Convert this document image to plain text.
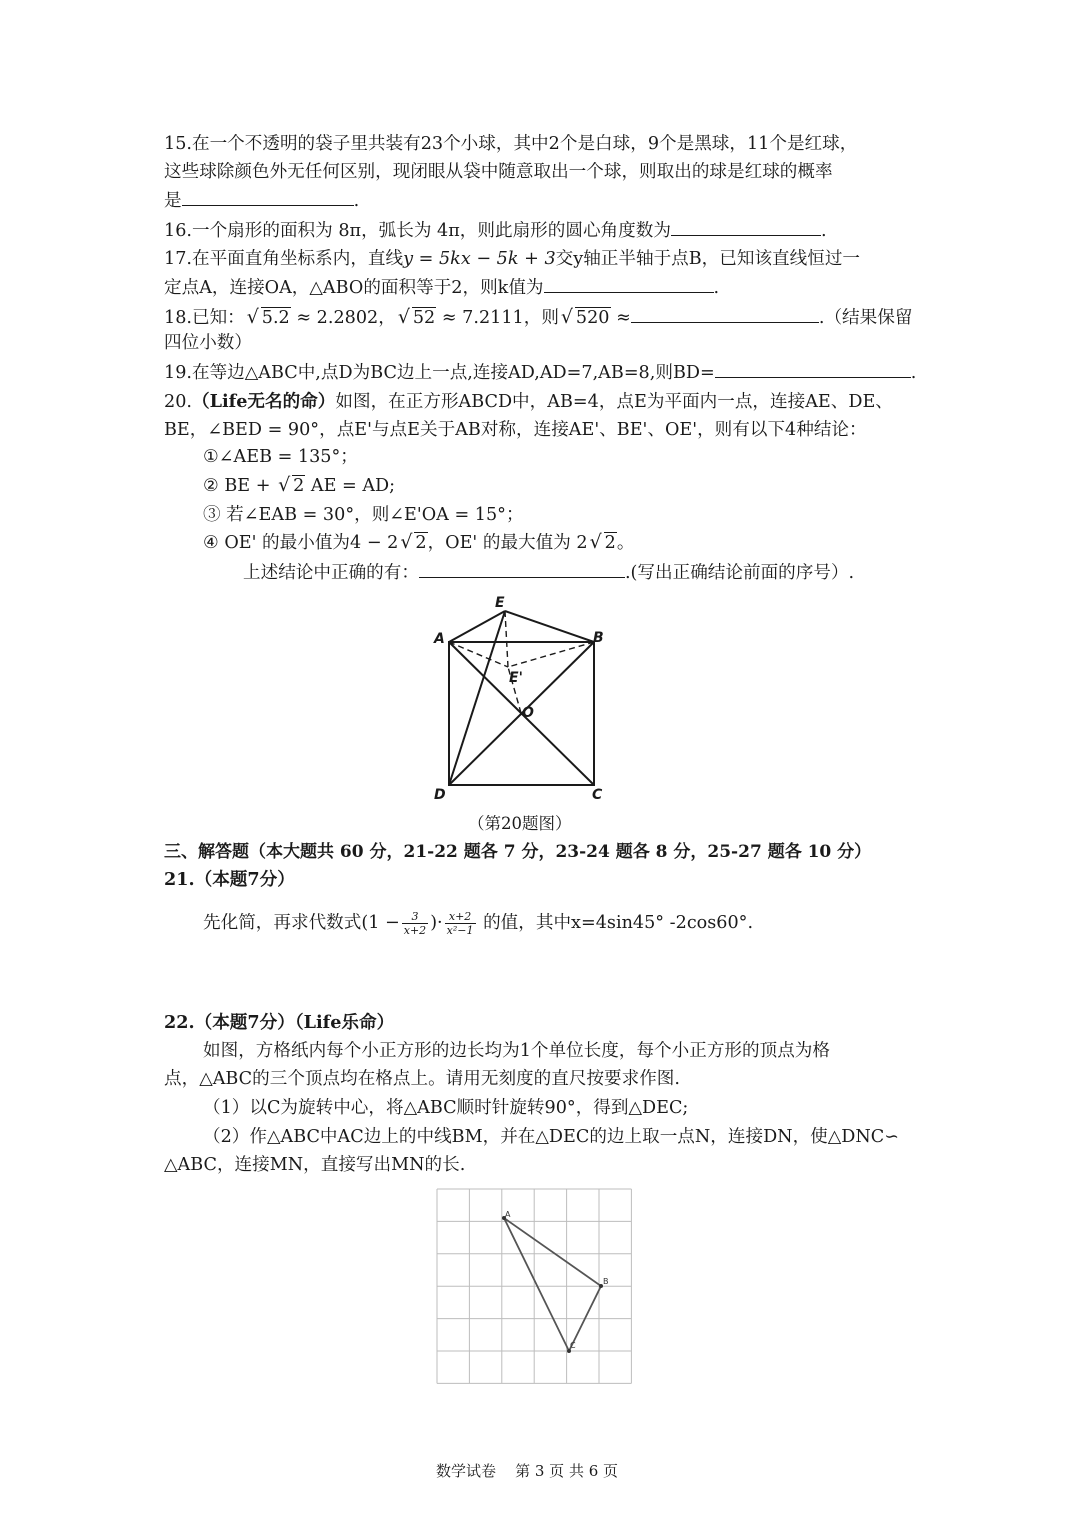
15.在一个不透明的袋子里共装有23个小球，其中2个是白球，9个是黑球，11个是红球，
这些球除颜色外无任何区别，现闭眼从袋中随意取出一个球，则取出的球是红球的概率
是	.
16.一个扇形的面积为 8π，弧长为 4π，则此扇形的圆心角度数为	.
17.在平面直角坐标系内，直线y = 5kx − 5k + 3交y轴正半轴于点B，已知该直线恒过一
定点A，连接OA，△ABO的面积等于2，则k值为	.
18.已知： √ 5.2 ≈ 2.2802， √ 52 ≈ 7.2111，则 √ 520 ≈	.（结果保留
四位小数）
19.在等边△ABC中,点D为BC边上一点,连接AD,AD=7,AB=8,则BD=	.
20.（Life无名的命）如图，在正方形ABCD中，AB=4，点E为平面内一点，连接AE、DE、
BE，∠BED = 90°，点E'与点E关于AB对称，连接AE'、BE'、OE'，则有以下4种结论：
①∠AEB = 135°；
② BE + √ 2 AE = AD;
③ 若∠EAB = 30°，则∠E'OA = 15°；
④ OE' 的最小值为4 − 2 √ 2，OE' 的最大值为 2 √ 2。
上述结论中正确的有：	.(写出正确结论前面的序号）.
E
A	B
E'
O
D	C
（第20题图）
三、解答题（本大题共 60 分，21-22 题各 7 分，23-24 题各 8 分，25-27 题各 10 分）
21.（本题7分）
先化简，再求代数式($1 - \frac{3}{x+2}$ )· $\frac{x+2}{\text{x²−1}}$ 的值，其中x=4sin45° -2cos60°.
22.（本题7分）（Life乐命）
如图，方格纸内每个小正方形的边长均为1个单位长度，每个小正方形的顶点为格
点，△ABC的三个顶点均在格点上。请用无刻度的直尺按要求作图.
（1）以C为旋转中心，将△ABC顺时针旋转90°，得到△DEC;
（2）作△ABC中AC边上的中线BM，并在△DEC的边上取一点N，连接DN，使△DNC∽
△ABC，连接MN，直接写出MN的长.
A
B
C
数学试卷 第 3 页 共 6 页
